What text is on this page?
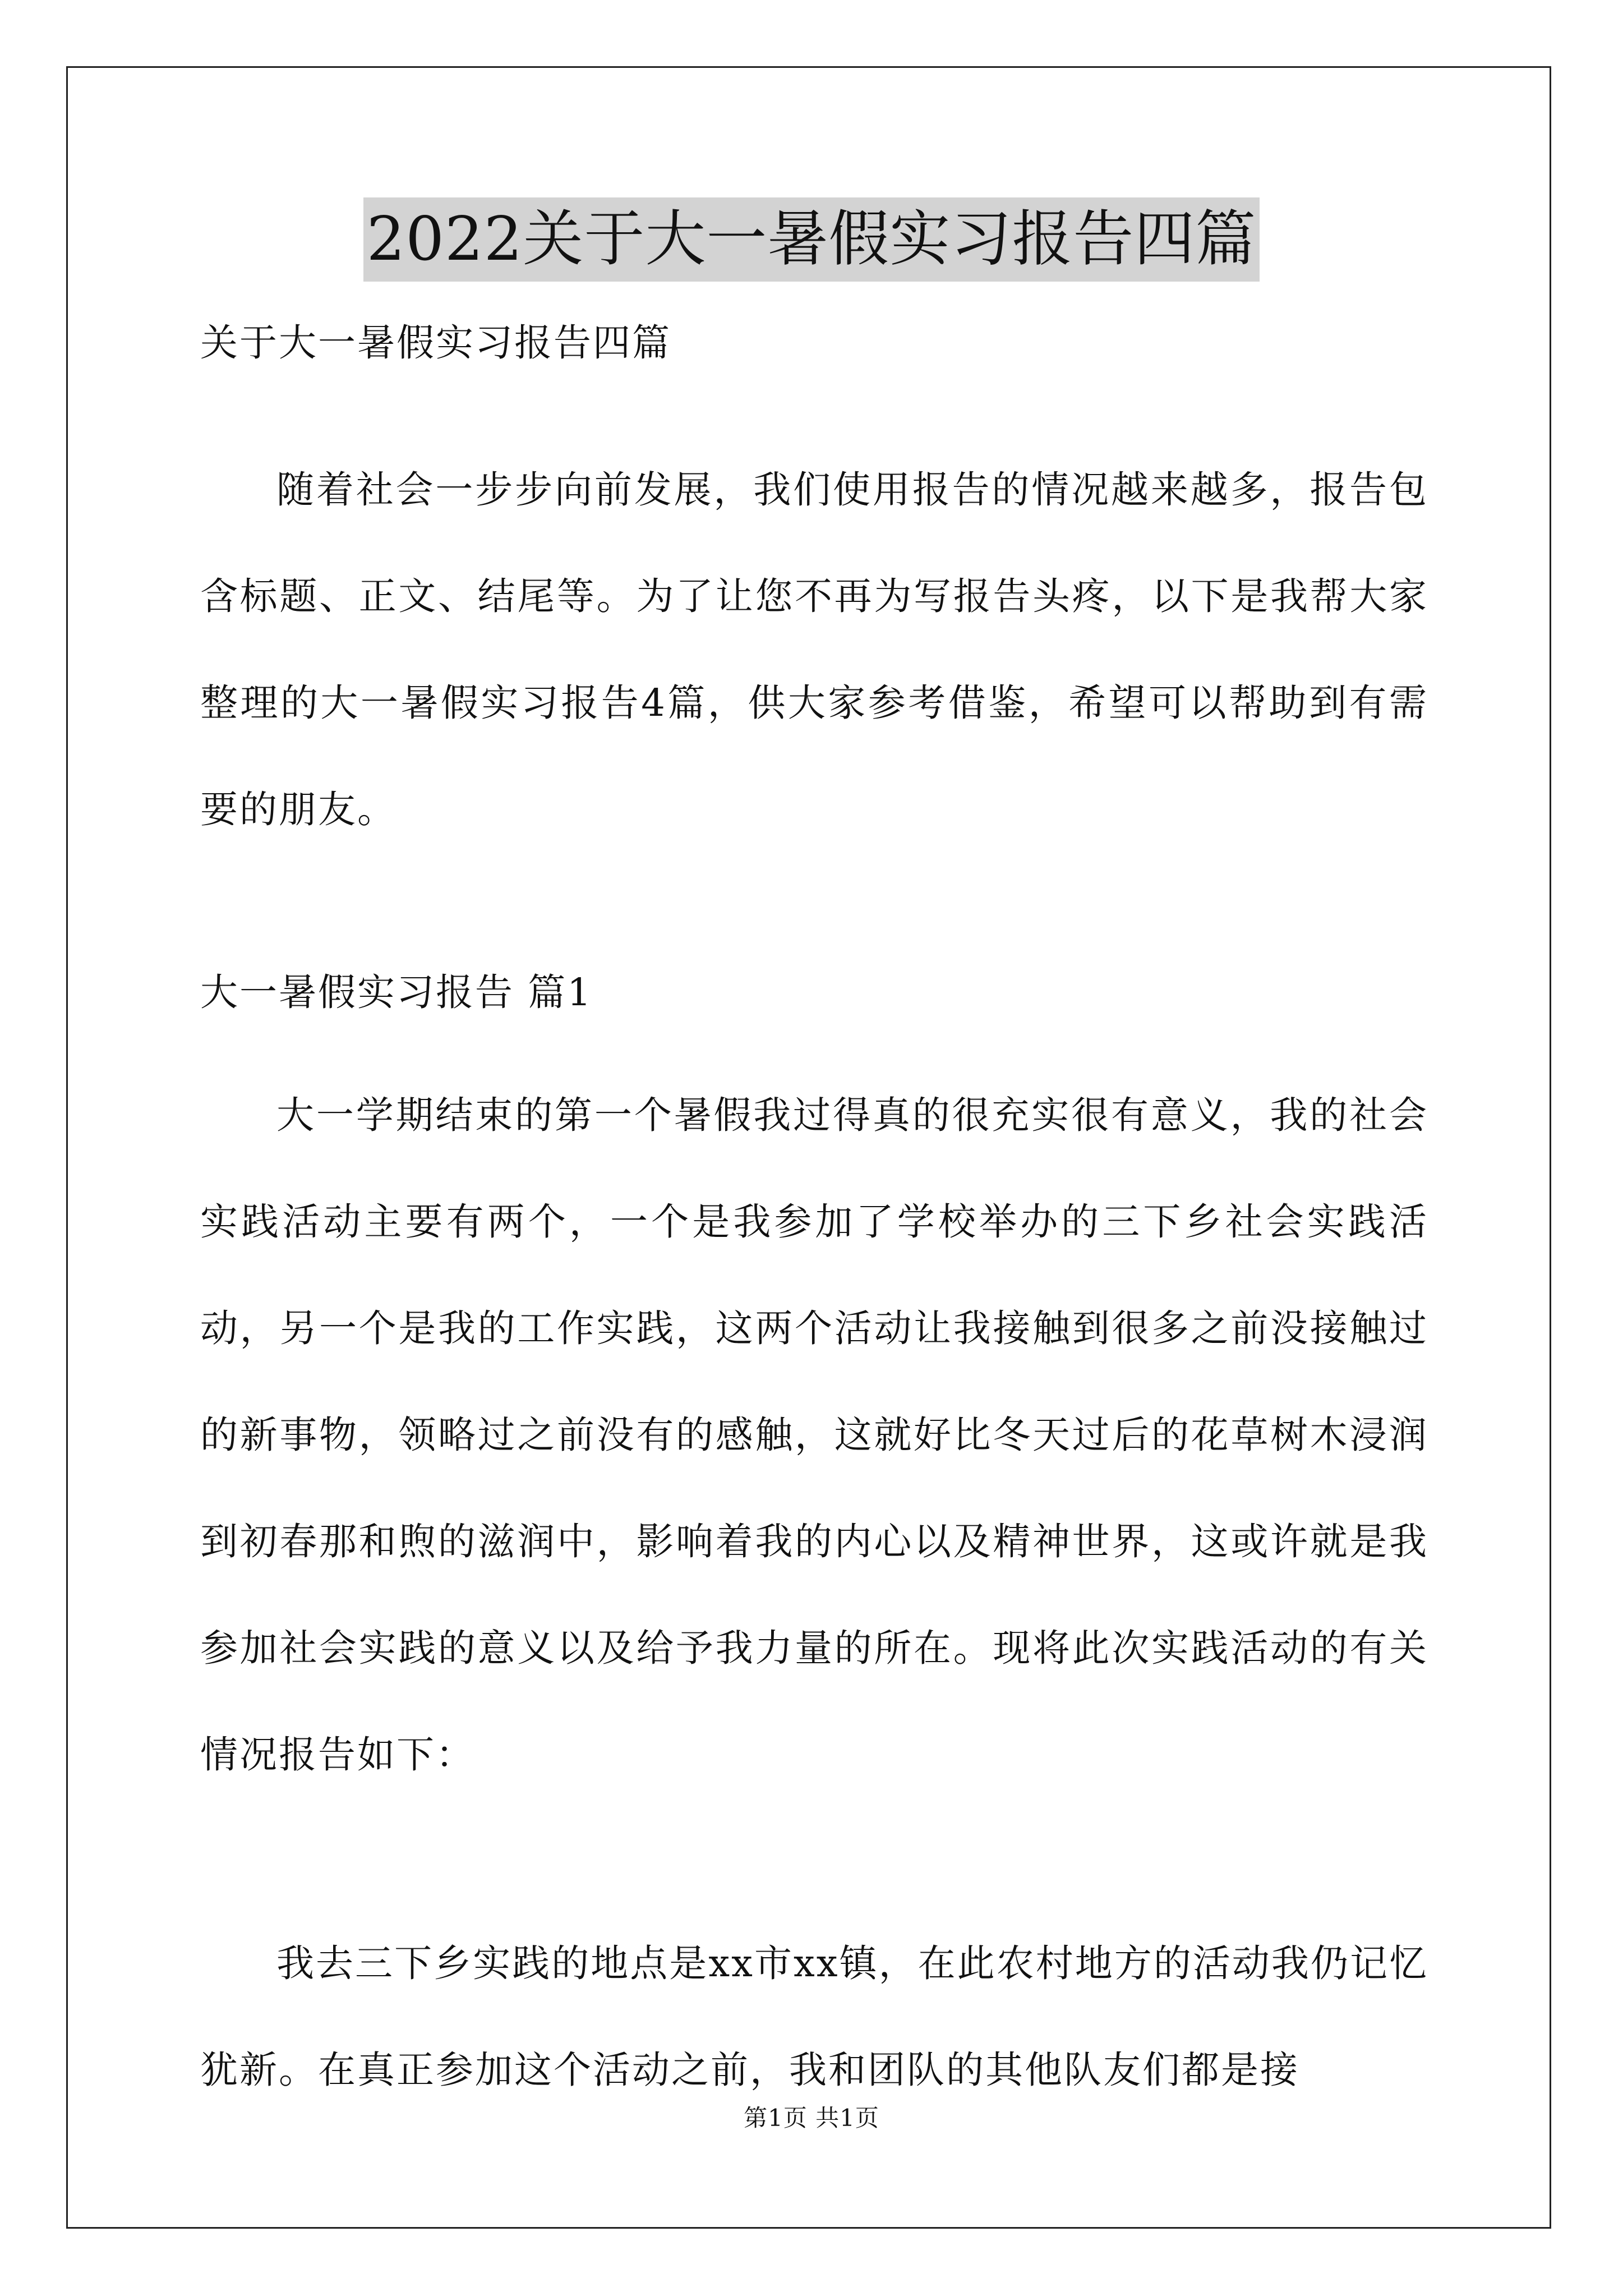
2022关于大一暑假实习报告四篇

关于大一暑假实习报告四篇

随着社会一步步向前发展，我们使用报告的情况越来越多，报告包含标题、正文、结尾等。为了让您不再为写报告头疼，以下是我帮大家整理的大一暑假实习报告4篇，供大家参考借鉴，希望可以帮助到有需要的朋友。

大一暑假实习报告 篇1

大一学期结束的第一个暑假我过得真的很充实很有意义，我的社会实践活动主要有两个，一个是我参加了学校举办的三下乡社会实践活动，另一个是我的工作实践，这两个活动让我接触到很多之前没接触过的新事物，领略过之前没有的感触，这就好比冬天过后的花草树木浸润到初春那和煦的滋润中，影响着我的内心以及精神世界，这或许就是我参加社会实践的意义以及给予我力量的所在。现将此次实践活动的有关情况报告如下：

我去三下乡实践的地点是xx市xx镇，在此农村地方的活动我仍记忆犹新。在真正参加这个活动之前，我和团队的其他队友们都是接

第1页 共1页
